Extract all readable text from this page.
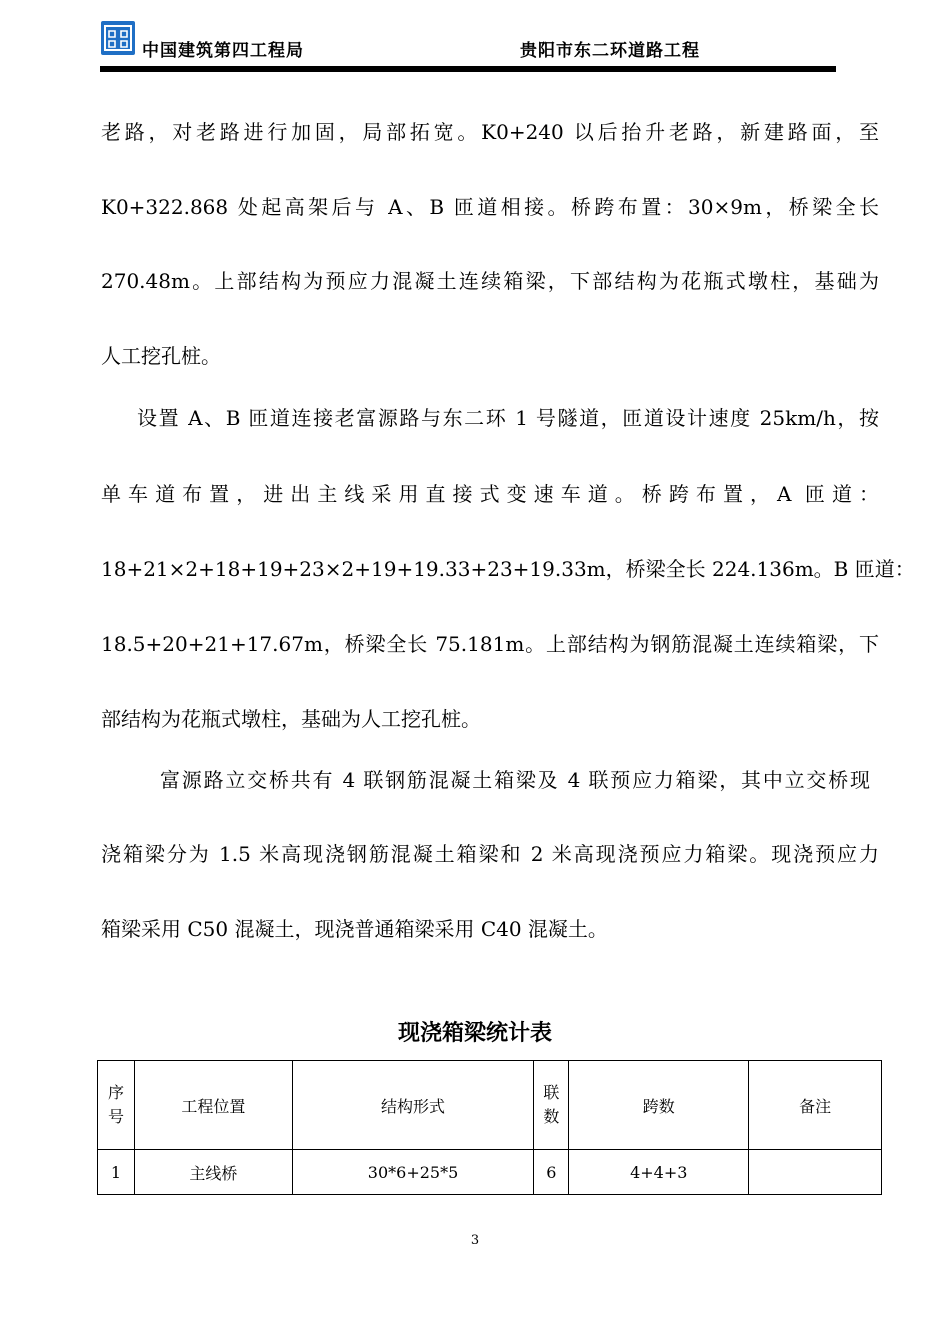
中国建筑第四工程局	贵阳市东二环道路工程
老路，对老路进行加固，局部拓宽。K0+240 以后抬升老路，新建路面，至
K0+322.868 处起高架后与 A、B 匝道相接。桥跨布置：30×9m，桥梁全长
270.48m。上部结构为预应力混凝土连续箱梁，下部结构为花瓶式墩柱，基础为
人工挖孔桩。
设置 A、B 匝道连接老富源路与东二环 1 号隧道，匝道设计速度 25km/h，按
单车道布置，进出主线采用直接式变速车道。桥跨布置，A 匝道：
18+21×2+18+19+23×2+19+19.33+23+19.33m，桥梁全长 224.136m。B 匝道：
18.5+20+21+17.67m，桥梁全长 75.181m。上部结构为钢筋混凝土连续箱梁，下
部结构为花瓶式墩柱，基础为人工挖孔桩。
富源路立交桥共有 4 联钢筋混凝土箱梁及 4 联预应力箱梁，其中立交桥现
浇箱梁分为 1.5 米高现浇钢筋混凝土箱梁和 2 米高现浇预应力箱梁。现浇预应力
箱梁采用 C50 混凝土，现浇普通箱梁采用 C40 混凝土。
现浇箱梁统计表
序号	工程位置	结构形式	联数	跨数	备注
1	主线桥	30*6+25*5	6	4+4+3	
3
